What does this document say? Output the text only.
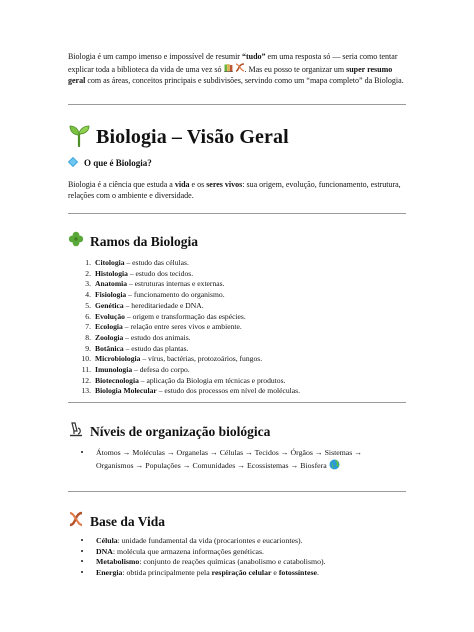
Biologia é um campo imenso e impossível de resumir “tudo” em uma resposta só — seria como tentar explicar toda a biblioteca da vida de uma vez só	. Mas eu posso te organizar um super resumo geral com as áreas, conceitos principais e subdivisões, servindo como um “mapa completo” da Biologia.
Biologia – Visão Geral
O que é Biologia?
Biologia é a ciência que estuda a vida e os seres vivos: sua origem, evolução, funcionamento, estrutura, relações com o ambiente e diversidade.
Ramos da Biologia
1. Citologia – estudo das células.
2. Histologia – estudo dos tecidos.
3. Anatomia – estruturas internas e externas.
4. Fisiologia – funcionamento do organismo.
5. Genética – hereditariedade e DNA.
6. Evolução – origem e transformação das espécies.
7. Ecologia – relação entre seres vivos e ambiente.
8. Zoologia – estudo dos animais.
9. Botânica – estudo das plantas.
10. Microbiologia – vírus, bactérias, protozoários, fungos.
11. Imunologia – defesa do corpo.
12. Biotecnologia – aplicação da Biologia em técnicas e produtos.
13. Biologia Molecular – estudo dos processos em nível de moléculas.
Níveis de organização biológica
•	Átomos → Moléculas → Organelas → Células → Tecidos → Órgãos → Sistemas → Organismos → Populações → Comunidades → Ecossistemas → Biosfera
Base da Vida
•	Célula: unidade fundamental da vida (procariontes e eucariontes).
•	DNA: molécula que armazena informações genéticas.
•	Metabolismo: conjunto de reações químicas (anabolismo e catabolismo).
•	Energia: obtida principalmente pela respiração celular e fotossíntese.
